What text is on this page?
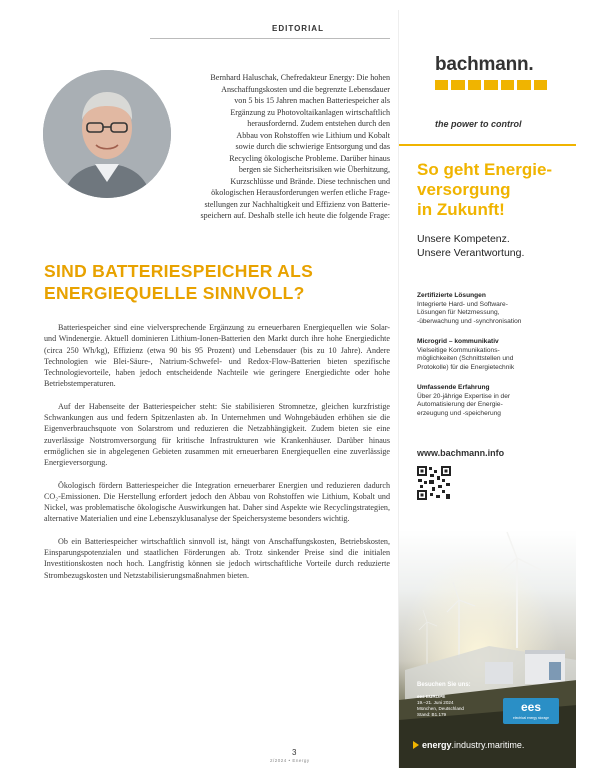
EDITORIAL

Bernhard Haluschak, Chefredakteur Energy: Die hohen
Anschaffungskosten und die begrenzte Lebensdauer
von 5 bis 15 Jahren machen Batteriespeicher als
Ergänzung zu Photovoltaikanlagen wirtschaftlich
herausfordernd. Zudem entstehen durch den
Abbau von Rohstoffen wie Lithium und Kobalt
sowie durch die schwierige Entsorgung und das
Recycling ökologische Probleme. Darüber hinaus
bergen sie Sicherheitsrisiken wie Überhitzung,
Kurzschlüsse und Brände. Diese technischen und
ökologischen Herausforderungen werfen etliche Frage-
stellungen zur Nachhaltigkeit und Effizienz von Batterie-
speichern auf. Deshalb stelle ich heute die folgende Frage:

SIND BATTERIESPEICHER ALS
ENERGIEQUELLE SINNVOLL?

Batteriespeicher sind eine vielversprechende Ergänzung zu erneuerbaren Energiequellen wie Solar- und Windenergie. Aktuell dominieren Lithium-Ionen-Batterien den Markt durch ihre hohe Energiedichte (circa 250 Wh/kg), Effizienz (etwa 90 bis 95 Prozent) und Lebensdauer (bis zu 10 Jahre). Andere Technologien wie Blei-Säure-, Natrium-Schwefel- und Redox-Flow-Batterien bieten spezifische Technologievorteile, haben jedoch entscheidende Nachteile wie geringere Energiedichte oder hohe Betriebstemperaturen.

Auf der Habenseite der Batteriespeicher steht: Sie stabilisieren Stromnetze, gleichen kurzfristige Schwankungen aus und federn Spitzenlasten ab. In Unternehmen und Wohngebäuden erhöhen sie die Eigenverbrauchsquote von Solarstrom und reduzieren die Netzabhängigkeit. Zudem bieten sie eine zuverlässige Notstromversorgung für kritische Infrastrukturen wie Krankenhäuser. Darüber hinaus ermöglichen sie in abgelegenen Gebieten zusammen mit erneuerbaren Energiequellen eine zuverlässige Energieversorgung.

Ökologisch fördern Batteriespeicher die Integration erneuerbarer Energien und reduzieren dadurch CO₂-Emissionen. Die Herstellung erfordert jedoch den Abbau von Rohstoffen wie Lithium, Kobalt und Nickel, was problematische ökologische Auswirkungen hat. Daher sind Aspekte wie Recyclingstrategien, alternative Materialien und eine Lebenszyklusanalyse der Speichersysteme besonders wichtig.

Ob ein Batteriespeicher wirtschaftlich sinnvoll ist, hängt von Anschaffungskosten, Betriebskosten, Einsparungspotenzialen und staatlichen Förderungen ab. Trotz sinkender Preise sind die initialen Investitionskosten noch hoch. Langfristig können sie jedoch wirtschaftliche Vorteile durch reduzierte Strombezugskosten und Netzstabilisierungsmaßnahmen bieten.

3
2/2024 • Energy
bachmann.
the power to control
So geht Energie-
versorgung
in Zukunft!
Unsere Kompetenz.
Unsere Verantwortung.
Zertifizierte Lösungen
Integrierte Hard- und Software-
Lösungen für Netzmessung,
-überwachung und -synchronisation
Microgrid – kommunikativ
Vielseitige Kommunikations-
möglichkeiten (Schnittstellen und
Protokolle) für die Energietechnik
Umfassende Erfahrung
Über 20-jährige Expertise in der
Automatisierung der Energie-
erzeugung und -speicherung
www.bachmann.info
Besuchen Sie uns:
ees EUROPE
19.–21. Juni 2024
München, Deutschland
Stand: B1.179
ees
electrical energy storage
energy.industry.maritime.
